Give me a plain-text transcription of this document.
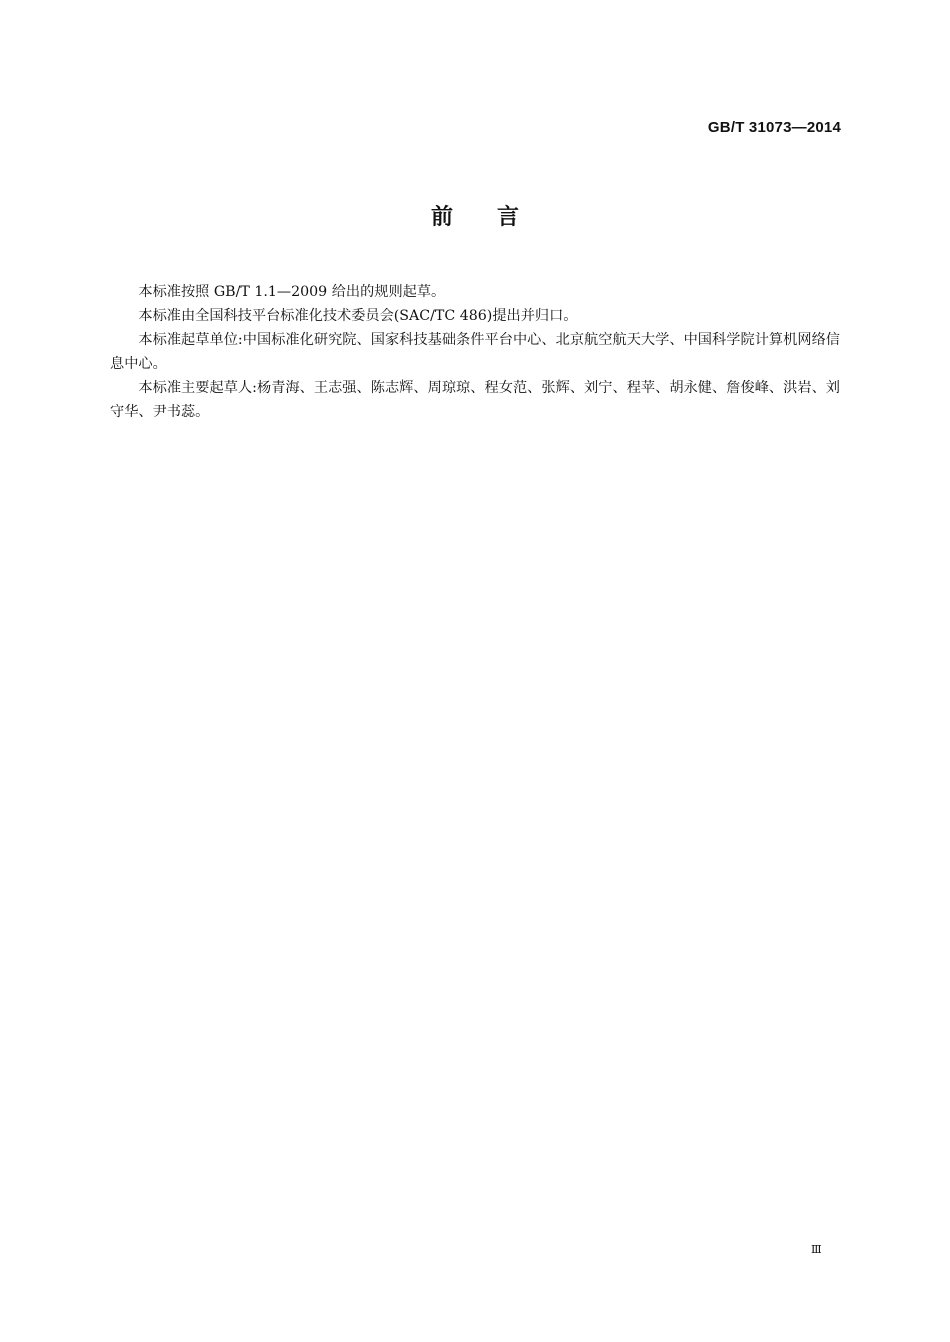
GB/T 31073—2014
前言

本标准按照 GB/T 1.1—2009 给出的规则起草。

本标准由全国科技平台标准化技术委员会(SAC/TC 486)提出并归口。

本标准起草单位:中国标准化研究院、国家科技基础条件平台中心、北京航空航天大学、中国科学院计算机网络信息中心。

本标准主要起草人:杨青海、王志强、陈志辉、周琼琼、程女范、张辉、刘宁、程苹、胡永健、詹俊峰、洪岩、刘守华、尹书蕊。

Ⅲ
